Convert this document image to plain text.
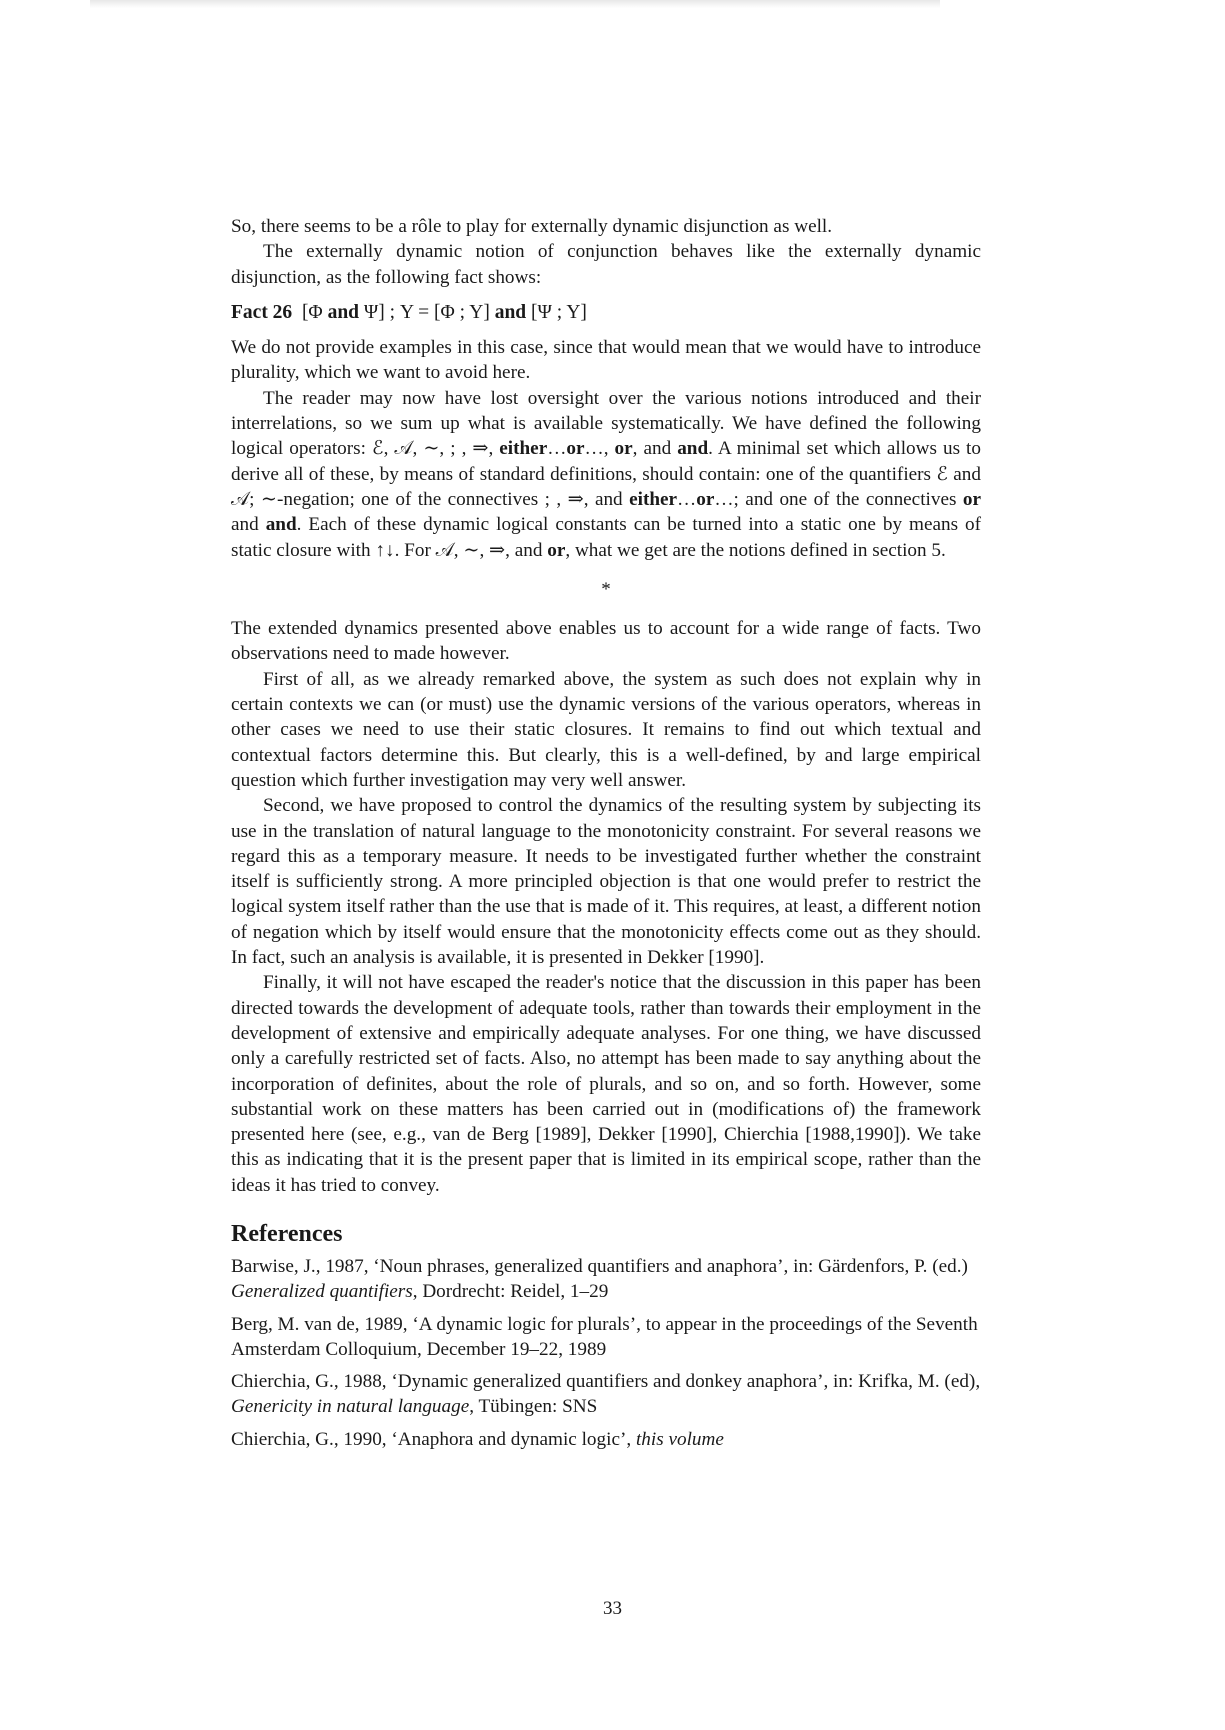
So, there seems to be a rôle to play for externally dynamic disjunction as well.

The externally dynamic notion of conjunction behaves like the externally dynamic disjunction, as the following fact shows:

Fact 26 [Φ and Ψ] ; Υ = [Φ ; Υ] and [Ψ ; Υ]

We do not provide examples in this case, since that would mean that we would have to introduce plurality, which we want to avoid here.

The reader may now have lost oversight over the various notions introduced and their interrelations, so we sum up what is available systematically. We have defined the following logical operators: ℰ, 𝒜, ∼, ; , ⇒, either…or…, or, and and. A minimal set which allows us to derive all of these, by means of standard definitions, should contain: one of the quantifiers ℰ and 𝒜; ∼-negation; one of the connectives ; , ⇒, and either…or…; and one of the connectives or and and. Each of these dynamic logical constants can be turned into a static one by means of static closure with ↑↓. For 𝒜, ∼, ⇒, and or, what we get are the notions defined in section 5.

*

The extended dynamics presented above enables us to account for a wide range of facts. Two observations need to made however.

First of all, as we already remarked above, the system as such does not explain why in certain contexts we can (or must) use the dynamic versions of the various operators, whereas in other cases we need to use their static closures. It remains to find out which textual and contextual factors determine this. But clearly, this is a well-defined, by and large empirical question which further investigation may very well answer.

Second, we have proposed to control the dynamics of the resulting system by subjecting its use in the translation of natural language to the monotonicity constraint. For several reasons we regard this as a temporary measure. It needs to be investigated further whether the constraint itself is sufficiently strong. A more principled objection is that one would prefer to restrict the logical system itself rather than the use that is made of it. This requires, at least, a different notion of negation which by itself would ensure that the monotonicity effects come out as they should. In fact, such an analysis is available, it is presented in Dekker [1990].

Finally, it will not have escaped the reader's notice that the discussion in this paper has been directed towards the development of adequate tools, rather than towards their employment in the development of extensive and empirically adequate analyses. For one thing, we have discussed only a carefully restricted set of facts. Also, no attempt has been made to say anything about the incorporation of definites, about the role of plurals, and so on, and so forth. However, some substantial work on these matters has been carried out in (modifications of) the framework presented here (see, e.g., van de Berg [1989], Dekker [1990], Chierchia [1988,1990]). We take this as indicating that it is the present paper that is limited in its empirical scope, rather than the ideas it has tried to convey.

References

Barwise, J., 1987, ‘Noun phrases, generalized quantifiers and anaphora’, in: Gärdenfors, P. (ed.) Generalized quantifiers, Dordrecht: Reidel, 1–29

Berg, M. van de, 1989, ‘A dynamic logic for plurals’, to appear in the proceedings of the Seventh Amsterdam Colloquium, December 19–22, 1989

Chierchia, G., 1988, ‘Dynamic generalized quantifiers and donkey anaphora’, in: Krifka, M. (ed), Genericity in natural language, Tübingen: SNS

Chierchia, G., 1990, ‘Anaphora and dynamic logic’, this volume

33
